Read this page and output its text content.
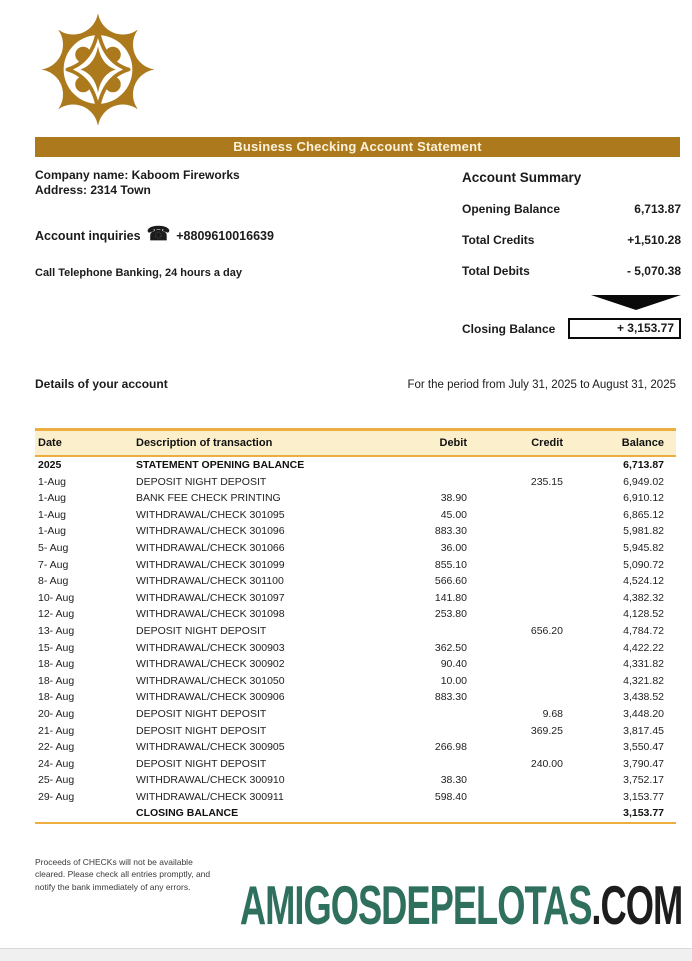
Business Checking Account Statement
Company name: Kaboom Fireworks
Address: 2314 Town
Account inquiries ☎ +8809610016639
Call Telephone Banking, 24 hours a day
Account Summary
Opening Balance	6,713.87
Total Credits	+1,510.28
Total Debits	- 5,070.38
Closing Balance	+ 3,153.77
Details of your account	For the period from July 31, 2025 to August 31, 2025
Date	Description of transaction	Debit	Credit	Balance
2025	STATEMENT OPENING BALANCE			6,713.87
1-Aug	DEPOSIT NIGHT DEPOSIT		235.15	6,949.02
1-Aug	BANK FEE CHECK PRINTING	38.90		6,910.12
1-Aug	WITHDRAWAL/CHECK 301095	45.00		6,865.12
1-Aug	WITHDRAWAL/CHECK 301096	883.30		5,981.82
5- Aug	WITHDRAWAL/CHECK 301066	36.00		5,945.82
7- Aug	WITHDRAWAL/CHECK 301099	855.10		5,090.72
8- Aug	WITHDRAWAL/CHECK 301100	566.60		4,524.12
10- Aug	WITHDRAWAL/CHECK 301097	141.80		4,382.32
12- Aug	WITHDRAWAL/CHECK 301098	253.80		4,128.52
13- Aug	DEPOSIT NIGHT DEPOSIT		656.20	4,784.72
15- Aug	WITHDRAWAL/CHECK 300903	362.50		4,422.22
18- Aug	WITHDRAWAL/CHECK 300902	90.40		4,331.82
18- Aug	WITHDRAWAL/CHECK 301050	10.00		4,321.82
18- Aug	WITHDRAWAL/CHECK 300906	883.30		3,438.52
20- Aug	DEPOSIT NIGHT DEPOSIT		9.68	3,448.20
21- Aug	DEPOSIT NIGHT DEPOSIT		369.25	3,817.45
22- Aug	WITHDRAWAL/CHECK 300905	266.98		3,550.47
24- Aug	DEPOSIT NIGHT DEPOSIT		240.00	3,790.47
25- Aug	WITHDRAWAL/CHECK 300910	38.30		3,752.17
29- Aug	WITHDRAWAL/CHECK 300911	598.40		3,153.77
	CLOSING BALANCE			3,153.77
Proceeds of CHECKs will not be available
cleared. Please check all entries promptly, and
notify the bank immediately of any errors. AMIGOSDEPELOTAS.COM
